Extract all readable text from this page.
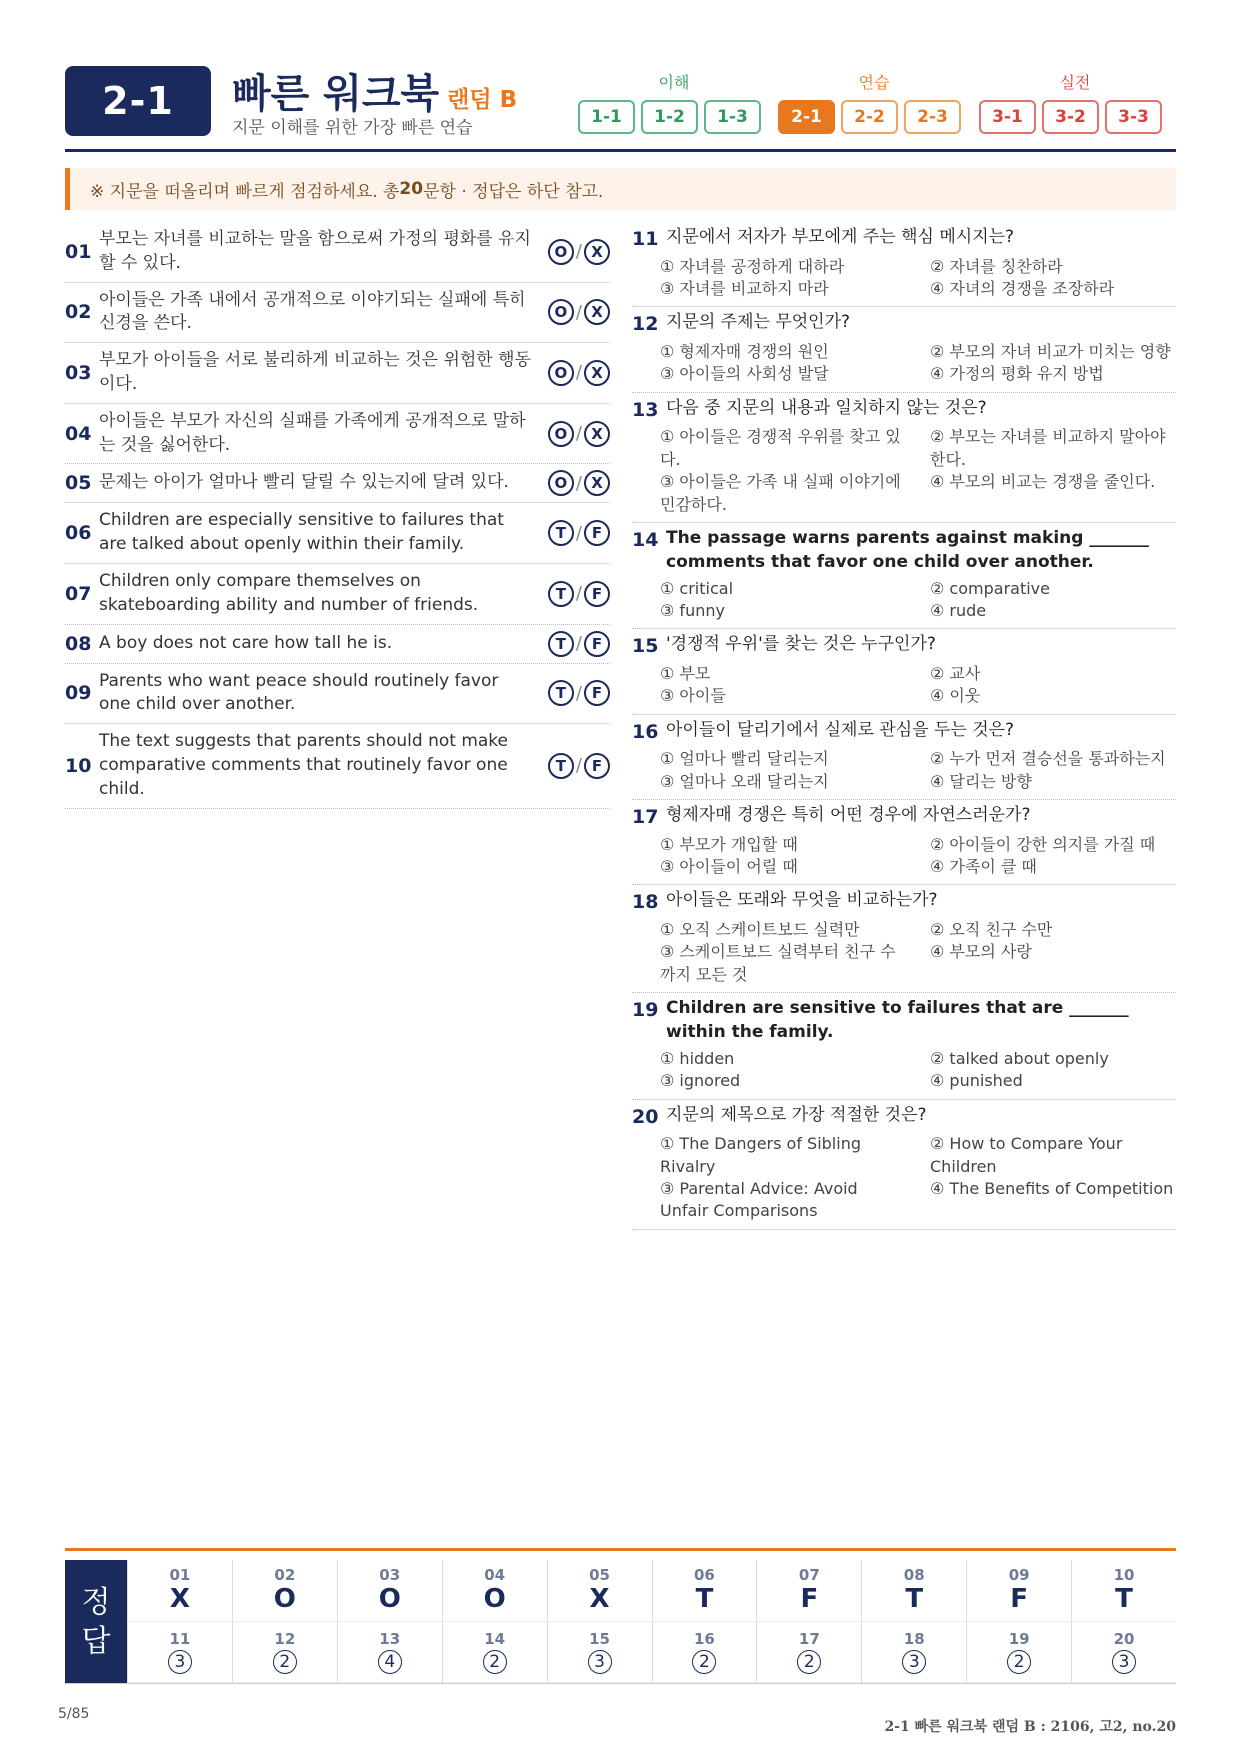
2-1	빠른 워크북 랜덤 B
지문 이해를 위한 가장 빠른 연습
이해	연습	실전
1-1	1-2	1-3	2-1	2-2	2-3	3-1	3-2	3-3
※ 지문을 떠올리며 빠르게 점검하세요. 총 20 문항 · 정답은 하단 참고.
01
부모는 자녀를 비교하는 말을 함으로써 가정의 평화를 유지할 수 있다.
O / X
02
아이들은 가족 내에서 공개적으로 이야기되는 실패에 특히 신경을 쓴다.
O / X
03
부모가 아이들을 서로 불리하게 비교하는 것은 위험한 행동이다.
O / X
04
아이들은 부모가 자신의 실패를 가족에게 공개적으로 말하는 것을 싫어한다.
O / X
05 문제는 아이가 얼마나 빨리 달릴 수 있는지에 달려 있다.	O / X
06
Children are especially sensitive to failures that are talked about openly within their family.
T / F
07
Children only compare themselves on skateboarding ability and number of friends.
T / F
08 A boy does not care how tall he is.	T / F
09
Parents who want peace should routinely favor one child over another.
T / F
10
The text suggests that parents should not make comparative comments that routinely favor one child.
T / F
11 지문에서 저자가 부모에게 주는 핵심 메시지는?
① 자녀를 공정하게 대하라	② 자녀를 칭찬하라
③ 자녀를 비교하지 마라	④ 자녀의 경쟁을 조장하라
12 지문의 주제는 무엇인가?
① 형제자매 경쟁의 원인	② 부모의 자녀 비교가 미치는 영향
③ 아이들의 사회성 발달	④ 가정의 평화 유지 방법
13 다음 중 지문의 내용과 일치하지 않는 것은?
① 아이들은 경쟁적 우위를 찾고 있다.
② 부모는 자녀를 비교하지 말아야 한다.
③ 아이들은 가족 내 실패 이야기에 민감하다.
④ 부모의 비교는 경쟁을 줄인다.
14 The passage warns parents against making _______ comments that favor one child over another.
① critical	② comparative
③ funny	④ rude
15 '경쟁적 우위'를 찾는 것은 누구인가?
① 부모	② 교사
③ 아이들	④ 이웃
16 아이들이 달리기에서 실제로 관심을 두는 것은?
① 얼마나 빨리 달리는지	② 누가 먼저 결승선을 통과하는지
③ 얼마나 오래 달리는지	④ 달리는 방향
17 형제자매 경쟁은 특히 어떤 경우에 자연스러운가?
① 부모가 개입할 때	② 아이들이 강한 의지를 가질 때
③ 아이들이 어릴 때	④ 가족이 클 때
18 아이들은 또래와 무엇을 비교하는가?
① 오직 스케이트보드 실력만	② 오직 친구 수만
③ 스케이트보드 실력부터 친구 수까지 모든 것
④ 부모의 사랑
19 Children are sensitive to failures that are _______ within the family.
① hidden	② talked about openly
③ ignored	④ punished
20 지문의 제목으로 가장 적절한 것은?
① The Dangers of Sibling Rivalry
② How to Compare Your Children
③ Parental Advice: Avoid Unfair Comparisons
④ The Benefits of Competition
정
답
01
X
02
O
03
O
04
O
05
X
06
T
07
F
08
T
09
F
10
T
11
3
12
2
13
4
14
2
15
3
16
2
17
2
18
3
19
2
20
3
5/85
2-1 빠른 워크북 랜덤 B : 2106, 고2, no.20
